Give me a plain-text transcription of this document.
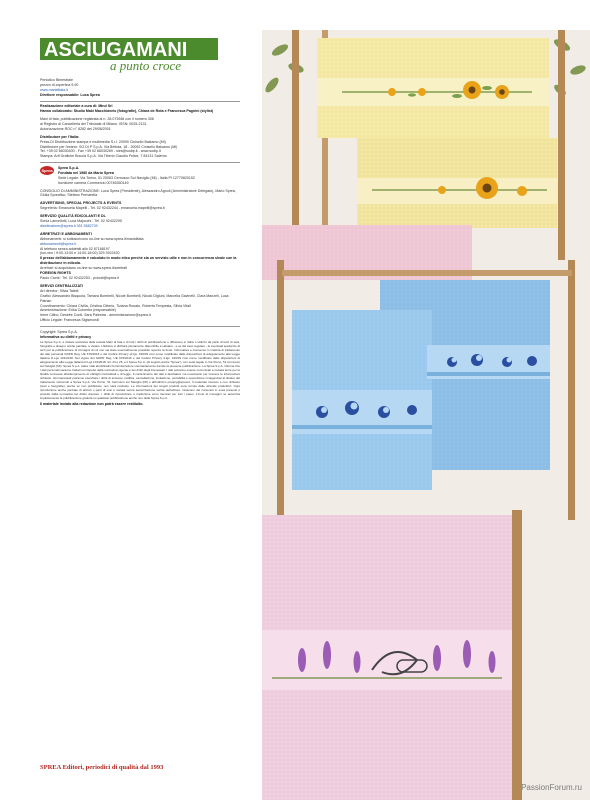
ASCIUGAMANI
a punto croce
Periodico Bimestrale
prezzo di copertina 5,90
www.maniditata.it
Direttore responsabile: Luca Sprea
Realizzazione editoriale a cura di: Mind Srl
Hanno collaborato: Studio Maki Macchiavelo (fotografie), Chiara de Rota e Francesca Pagnini (stylist)
Mani di fata, pubblicazione registrata al n. 28.073948 con il numero 306
al Registro di Cancelleria del Tribunale di Milano. ISSN: 0025-2131
Autorizzazione ROC n° 8282 del 29/08/2001
Distributore per l'Italia:
Press-Di Distribuzione stampa e multimedia S.r.l. 20090 Cinisello Balsamo (MI)
Distributore per l'estero: SO.DI.P S.p.A. Via Bettola, 18 - 20092 Cinisello Balsamo (MI)
Tel. +39 02 66030400 - Fax +39 02 66030269 - sies@sodip.it - www.sodip.it
Stampa: Arti Grafiche Boccia S.p.A. Via Tiberio Claudio Felice, 7 84131 Salerno
Sprea	Sprea S.p.A.
Fondata nel 1980 da Mario Sprea
Sede Legale: Via Torino, 51 20063 Cernusco Sul Naviglio (MI) - Italia PI 12770820152
Iscrizione camera Commercio 00746350149
CONSIGLIO DI AMMINISTRAZIONE: Luca Sprea (Presidente), Alessandro Agnoli (Amministratore Delegato), Mario Sprea, Giulia Spreafico, Stefano Pernarella
ADVERTISING, SPECIAL PROJECTS & EVENTS
Segreteria: Emanuela Mapelli - Tel. 02 92432244 - emanuela.mapelli@sprea.it
SERVIZIO QUALITÀ EDICOLANTI E DL
Sonia Lancellotti, Luca Majocchi : Tel. 02 92432295
distribuzione@sprea.it 351 5582739
ARRETRATI E ABBONAMENTI
Abbonamenti: si sottoscrivono on-line su www.sprea.it/maniditata
abbonamenti@sprea.it
Al telefono senza addebiti allo 02 87168197
(lun-ven / 9:00-13:00 e 14:00-18:00) 329 3922420
Il prezzo dell'abbonamento è calcolato in modo etico perché sia un servizio utile e non in concorrenza sleale con la distribuzione in edicola.
Arretrati: si acquistano on-line su www.sprea.it/arretrati
FOREIGN RIGHTS
Paolo Cionti : Tel. 02 92432253 - pcionti@sprea.it
SERVIZI CENTRALIZZATI
Art director: Silvia Taietti
Grafici: Alessandro Bisquola, Tamara Bombelli, Nicole Bombelli, Nicolò Digiuni, Marcella Gavinelli, Clara Manzeli, Luca Patrian
Coordinamento: Chiara Civilla, Cristina Citterio, Tiziana Rosato, Roberta Tempesta, Silvia Vitali
Amministrazione: Erika Colombo (responsabile)
Irene Citino, Desirée Conti, Sara Palestra - amministrazione@sprea.it
Ufficio Legale: Francesca Sigismondi
Copyright: Sprea S.p.A.
Informativa su diritti e privacy
La Sprea S.p.A. è titolare esclusiva della testata Mani di fata e di tutti i diritti di pubblicazione e diffusione in Italia. L'utilizzo da parte di terzi di testi, fotografie e disegni, anche parziale, è vietato. L'Editore si dichiara pienamente disponibile a valutare - e se del caso regolare - le eventuali spettanze di terzi per la pubblicazione di immagini di cui non sia stato eventualmente possibile reperire la fonte. Informativa e Consenso in materia di trattamento dei dati personali GDPR Reg. UE 679/2016 e del Codice Privacy (d.lgs. 196/03 così come modificato dalle disposizioni di adeguamento alla Legge Italiana D.Lgs 101/2018. Nel vigore del GDPR Reg. UE 679/2016 e del Codice Privacy d.lgs. 196/03 così come modificato dalle disposizioni di adeguamento alla Legge Italiana D.Lgs 101/2018, art. 24 e 25, e il Sprea S.p.A. (di seguito anche "Sprea"), con sede legale in Via Torino, 51 Cernusco sul Naviglio (MI). Sprea S.p.A. tratta i dati identificativi forniti dal lettore volontariamente tramite la presente pubblicazione. La Sprea S.p.A. informa che i dati personali saranno trattati nel rispetto della normativa vigente e dei diritti degli interessati. I dati potranno essere comunicati a società terze per le finalità connesse all'adempimento di obblighi contrattuali e di legge. Il conferimento dei dati è facoltativo ma necessario per ricevere le informazioni richieste. Gli interessati potranno esercitare i diritti di accesso, rettifica, cancellazione, limitazione, portabilità e opposizione rivolgendosi al titolare del trattamento scrivendo a Sprea S.p.A. Via Torino, 51 Cernusco sul Naviglio (MI) o all'indirizzo privacy@sprea.it. Il materiale ricevuto e non richiesto (testi e fotografie), anche se non pubblicato, non sarà restituito. Le informazioni dei singoli prodotti sono fornite dalle aziende produttrici. Ogni riproduzione anche parziale di articoli o parti di essi è vietata senza autorizzazione scritta dell'editore. Ciascuno dei contenuti in essa presenti è protetto dalla normativa sul diritto d'autore. I diritti di riproduzione e traduzione sono riservati per tutti i paesi. L'invio di immagini ne autorizza implicitamente la pubblicazione gratuita su qualsiasi pubblicazione anche non della Sprea S.p.A.
Il materiale inviato alla redazione non potrà essere restituito.
SPREA Editori, periodici di qualità dal 1993
PassionForum.ru
